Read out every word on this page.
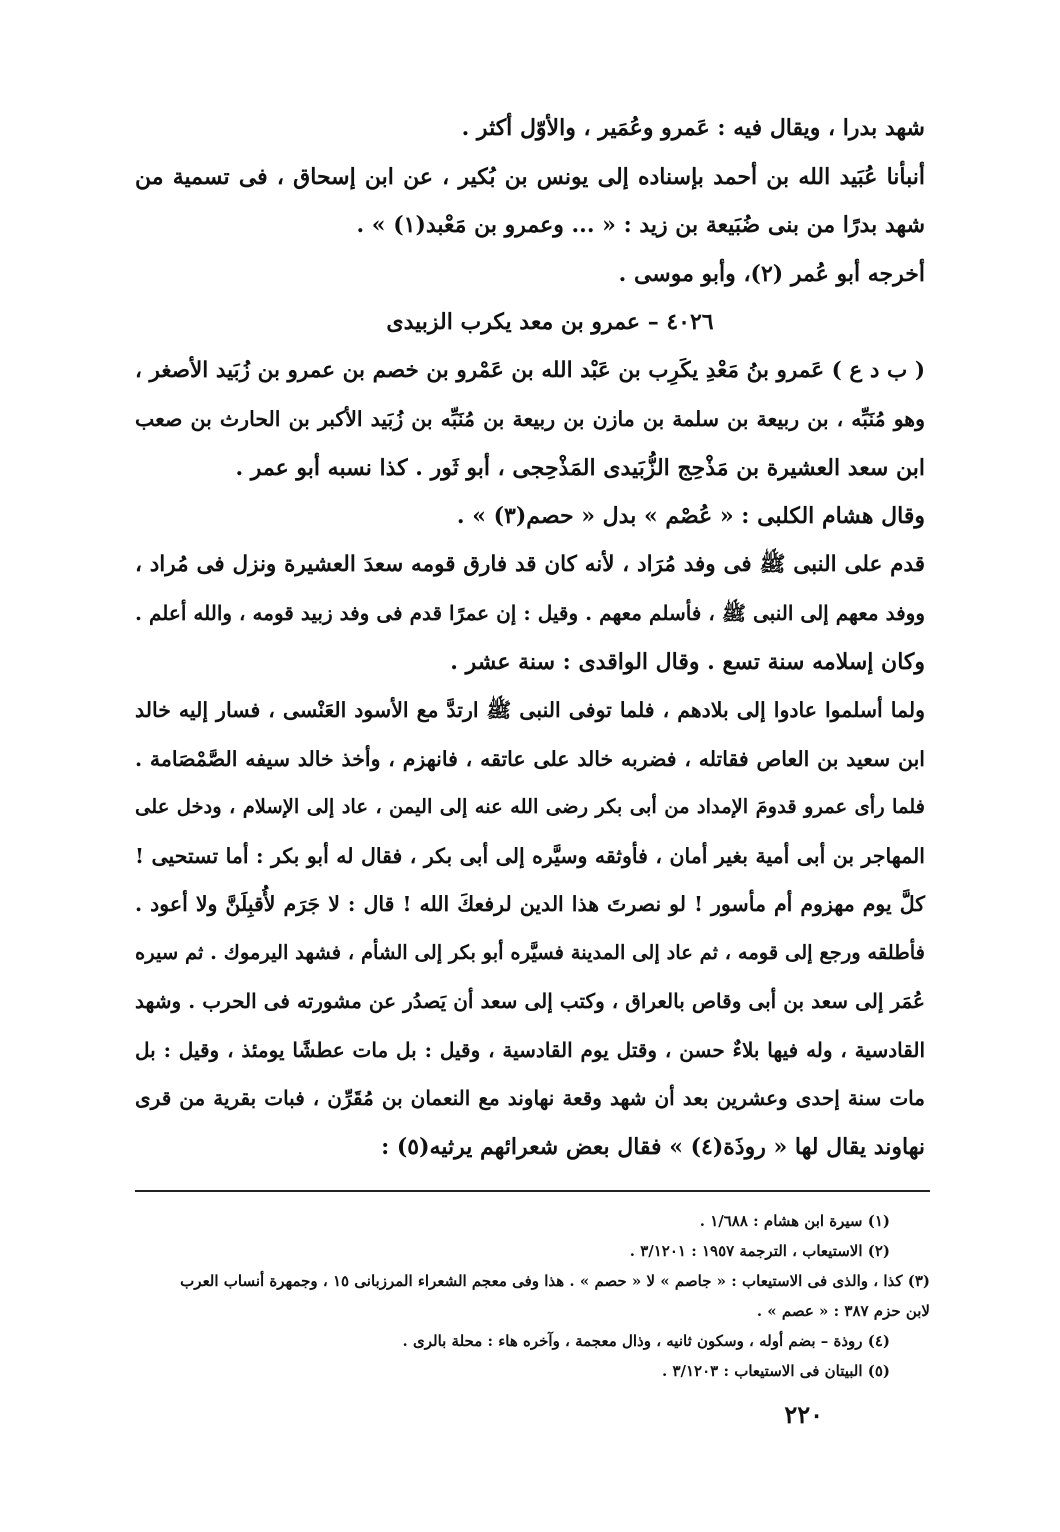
شهد بدرا ، ويقال فيه : عَمرو وعُمَير ، والأوّل أكثر .
أنبأنا عُبَيد الله بن أحمد بإسناده إلى يونس بن بُكير ، عن ابن إسحاق ، فى تسمية من
شهد بدرًا من بنى ضُبَيعة بن زيد : « ... وعمرو بن مَعْبد(١) » .
أخرجه أبو عُمر (٢)، وأبو موسى .
٤٠٢٦ – عمرو بن معد يكرب الزبيدى
( ب د ع ) عَمرو بنُ مَعْدِ يكَرِب بن عَبْد الله بن عَمْرو بن خصم بن عمرو بن زُبَيد الأصغر ،
وهو مُنَبِّه ، بن ربيعة بن سلمة بن مازن بن ربيعة بن مُنَبِّه بن زُبَيد الأكبر بن الحارث بن صعب
ابن سعد العشيرة بن مَذْحِج الزُّبَيدى المَذْحِجى ، أبو ثَور . كذا نسبه أبو عمر .
وقال هشام الكلبى : « عُصْم » بدل « حصم(٣) » .
قدم على النبى ﷺ فى وفد مُرَاد ، لأنه كان قد فارق قومه سعدَ العشيرة ونزل فى مُراد ،
ووفد معهم إلى النبى ﷺ ، فأسلم معهم . وقيل : إن عمرًا قدم فى وفد زبيد قومه ، والله أعلم .
وكان إسلامه سنة تسع . وقال الواقدى : سنة عشر .
ولما أسلموا عادوا إلى بلادهم ، فلما توفى النبى ﷺ ارتدَّ مع الأسود العَنْسى ، فسار إليه خالد
ابن سعيد بن العاص فقاتله ، فضربه خالد على عاتقه ، فانهزم ، وأخذ خالد سيفه الصَّمْصَامة .
فلما رأى عمرو قدومَ الإمداد من أبى بكر رضى الله عنه إلى اليمن ، عاد إلى الإسلام ، ودخل على
المهاجر بن أبى أمية بغير أمان ، فأوثقه وسيَّره إلى أبى بكر ، فقال له أبو بكر : أما تستحيى !
كلَّ يوم مهزوم أم مأسور ! لو نصرتَ هذا الدين لرفعكَ الله ! قال : لا جَرَم لأُقبِلَنَّ ولا أعود .
فأطلقه ورجع إلى قومه ، ثم عاد إلى المدينة فسيَّره أبو بكر إلى الشأم ، فشهد اليرموك . ثم سيره
عُمَر إلى سعد بن أبى وقاص بالعراق ، وكتب إلى سعد أن يَصدُر عن مشورته فى الحرب . وشهد
القادسية ، وله فيها بلاءٌ حسن ، وقتل يوم القادسية ، وقيل : بل مات عطشًا يومئذ ، وقيل : بل
مات سنة إحدى وعشرين بعد أن شهد وقعة نهاوند مع النعمان بن مُقَرِّن ، فبات بقرية من قرى
نهاوند يقال لها « روذَة(٤) » فقال بعض شعرائهم يرثيه(٥) :
(١) سيرة ابن هشام : ١/٦٨٨ .
(٢) الاستيعاب ، الترجمة ١٩٥٧ : ٣/١٢٠١ .
(٣) كذا ، والذى فى الاستيعاب : « جاصم » لا « حصم » . هذا وفى معجم الشعراء المرزبانى ١٥ ، وجمهرة أنساب العرب
لابن حزم ٣٨٧ : « عصم » .
(٤) روذة – بضم أوله ، وسكون ثانيه ، وذال معجمة ، وآخره هاء : محلة بالرى .
(٥) البيتان فى الاستيعاب : ٣/١٢٠٣ .
٢٢٠
